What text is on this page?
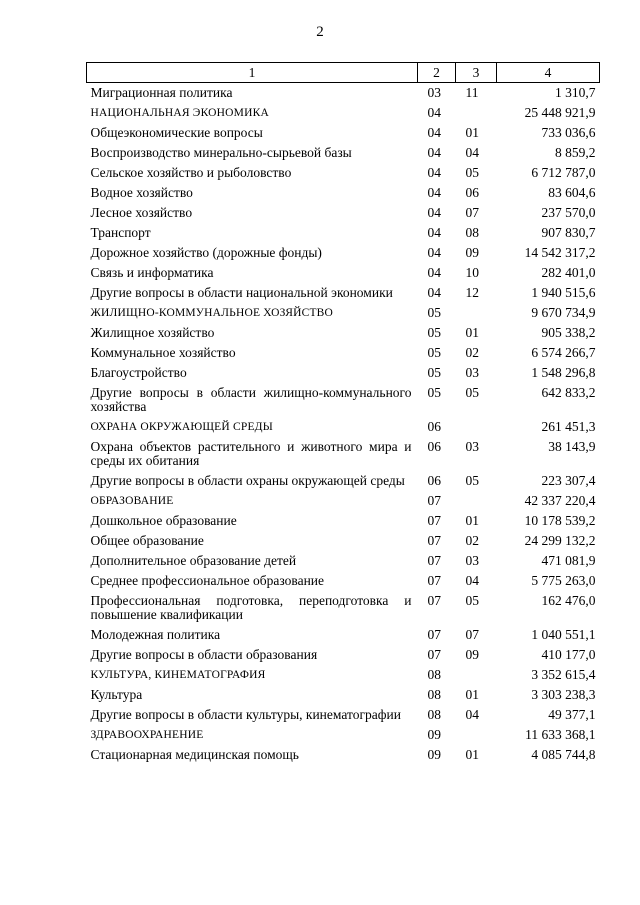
2
1	2	3	4
Миграционная политика	03	11	1 310,7
НАЦИОНАЛЬНАЯ ЭКОНОМИКА	04		25 448 921,9
Общеэкономические вопросы	04	01	733 036,6
Воспроизводство минерально-сырьевой базы	04	04	8 859,2
Сельское хозяйство и рыболовство	04	05	6 712 787,0
Водное хозяйство	04	06	83 604,6
Лесное хозяйство	04	07	237 570,0
Транспорт	04	08	907 830,7
Дорожное хозяйство (дорожные фонды)	04	09	14 542 317,2
Связь и информатика	04	10	282 401,0
Другие вопросы в области национальной экономики	04	12	1 940 515,6
ЖИЛИЩНО-КОММУНАЛЬНОЕ ХОЗЯЙСТВО	05		9 670 734,9
Жилищное хозяйство	05	01	905 338,2
Коммунальное хозяйство	05	02	6 574 266,7
Благоустройство	05	03	1 548 296,8
Другие вопросы в области жилищно-коммунального хозяйства	05	05	642 833,2
ОХРАНА ОКРУЖАЮЩЕЙ СРЕДЫ	06		261 451,3
Охрана объектов растительного и животного мира и среды их обитания	06	03	38 143,9
Другие вопросы в области охраны окружающей среды	06	05	223 307,4
ОБРАЗОВАНИЕ	07		42 337 220,4
Дошкольное образование	07	01	10 178 539,2
Общее образование	07	02	24 299 132,2
Дополнительное образование детей	07	03	471 081,9
Среднее профессиональное образование	07	04	5 775 263,0
Профессиональная подготовка, переподготовка и повышение квалификации	07	05	162 476,0
Молодежная политика	07	07	1 040 551,1
Другие вопросы в области образования	07	09	410 177,0
КУЛЬТУРА, КИНЕМАТОГРАФИЯ	08		3 352 615,4
Культура	08	01	3 303 238,3
Другие вопросы в области культуры, кинематографии	08	04	49 377,1
ЗДРАВООХРАНЕНИЕ	09		11 633 368,1
Стационарная медицинская помощь	09	01	4 085 744,8
